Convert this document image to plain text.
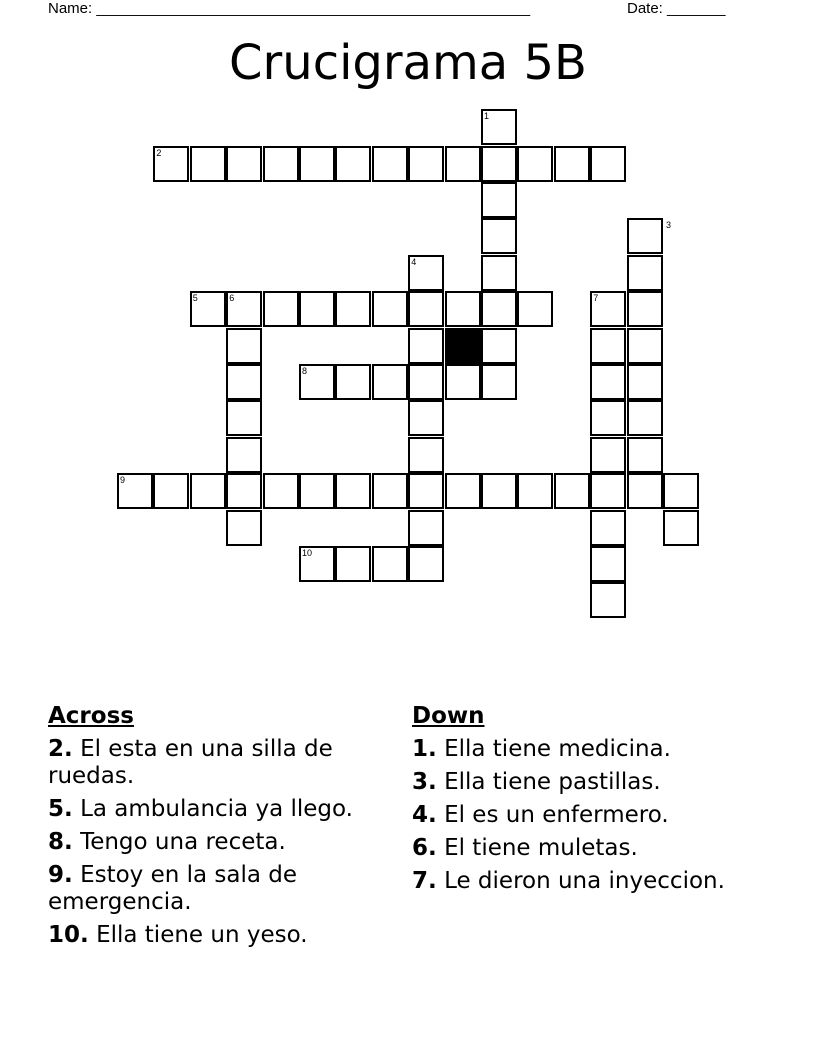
Name: ____________________________________________________	Date: _______
Crucigrama 5B
1
2
3
4
5	6	7
8
9
10
Across
2. El esta en una silla de ruedas.
5. La ambulancia ya llego.
8. Tengo una receta.
9. Estoy en la sala de emergencia.
10. Ella tiene un yeso.
Down
1. Ella tiene medicina.
3. Ella tiene pastillas.
4. El es un enfermero.
6. El tiene muletas.
7. Le dieron una inyeccion.
